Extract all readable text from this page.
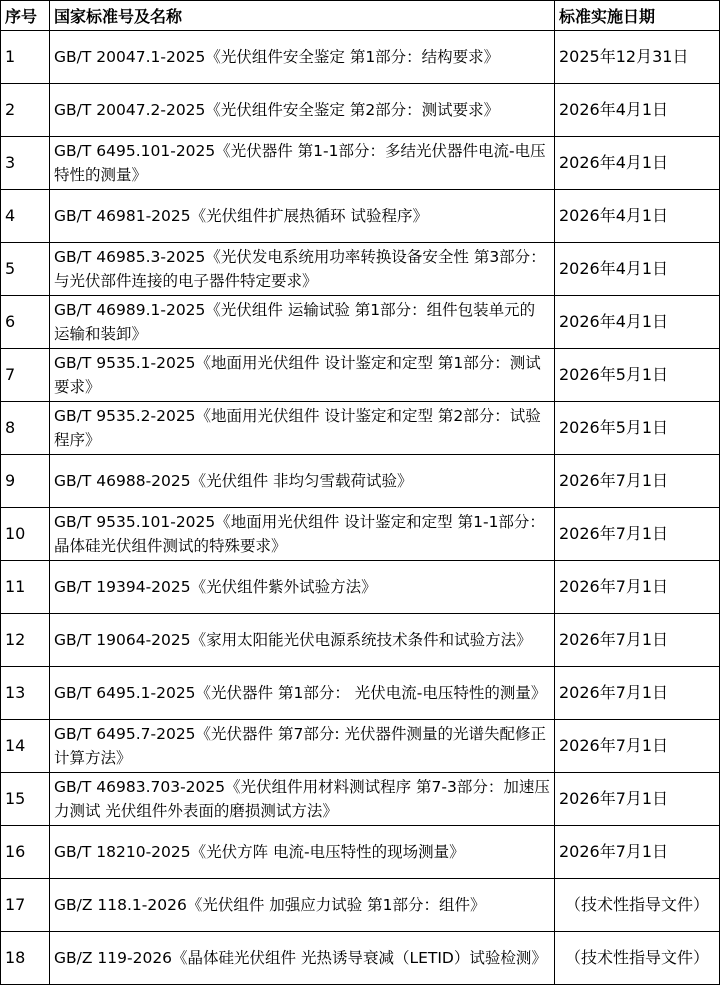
序号	国家标准号及名称	标准实施日期
1	GB/T 20047.1-2025《光伏组件安全鉴定 第1部分：结构要求》	2025年12月31日
2	GB/T 20047.2-2025《光伏组件安全鉴定 第2部分：测试要求》	2026年4月1日
3	GB/T 6495.101-2025《光伏器件 第1-1部分：多结光伏器件电流-电压特性的测量》	2026年4月1日
4	GB/T 46981-2025《光伏组件扩展热循环 试验程序》	2026年4月1日
5	GB/T 46985.3-2025《光伏发电系统用功率转换设备安全性 第3部分：与光伏部件连接的电子器件特定要求》	2026年4月1日
6	GB/T 46989.1-2025《光伏组件 运输试验 第1部分：组件包装单元的运输和装卸》	2026年4月1日
7	GB/T 9535.1-2025《地面用光伏组件 设计鉴定和定型 第1部分：测试要求》	2026年5月1日
8	GB/T 9535.2-2025《地面用光伏组件 设计鉴定和定型 第2部分：试验程序》	2026年5月1日
9	GB/T 46988-2025《光伏组件 非均匀雪载荷试验》	2026年7月1日
10	GB/T 9535.101-2025《地面用光伏组件 设计鉴定和定型 第1-1部分：晶体硅光伏组件测试的特殊要求》	2026年7月1日
11	GB/T 19394-2025《光伏组件紫外试验方法》	2026年7月1日
12	GB/T 19064-2025《家用太阳能光伏电源系统技术条件和试验方法》	2026年7月1日
13	GB/T 6495.1-2025《光伏器件 第1部分： 光伏电流-电压特性的测量》	2026年7月1日
14	GB/T 6495.7-2025《光伏器件 第7部分: 光伏器件测量的光谱失配修正计算方法》	2026年7月1日
15	GB/T 46983.703-2025《光伏组件用材料测试程序 第7-3部分：加速压力测试 光伏组件外表面的磨损测试方法》	2026年7月1日
16	GB/T 18210-2025《光伏方阵 电流-电压特性的现场测量》	2026年7月1日
17	GB/Z 118.1-2026《光伏组件 加强应力试验 第1部分：组件》	（技术性指导文件）
18	GB/Z 119-2026《晶体硅光伏组件 光热诱导衰减（LETID）试验检测》	（技术性指导文件）
